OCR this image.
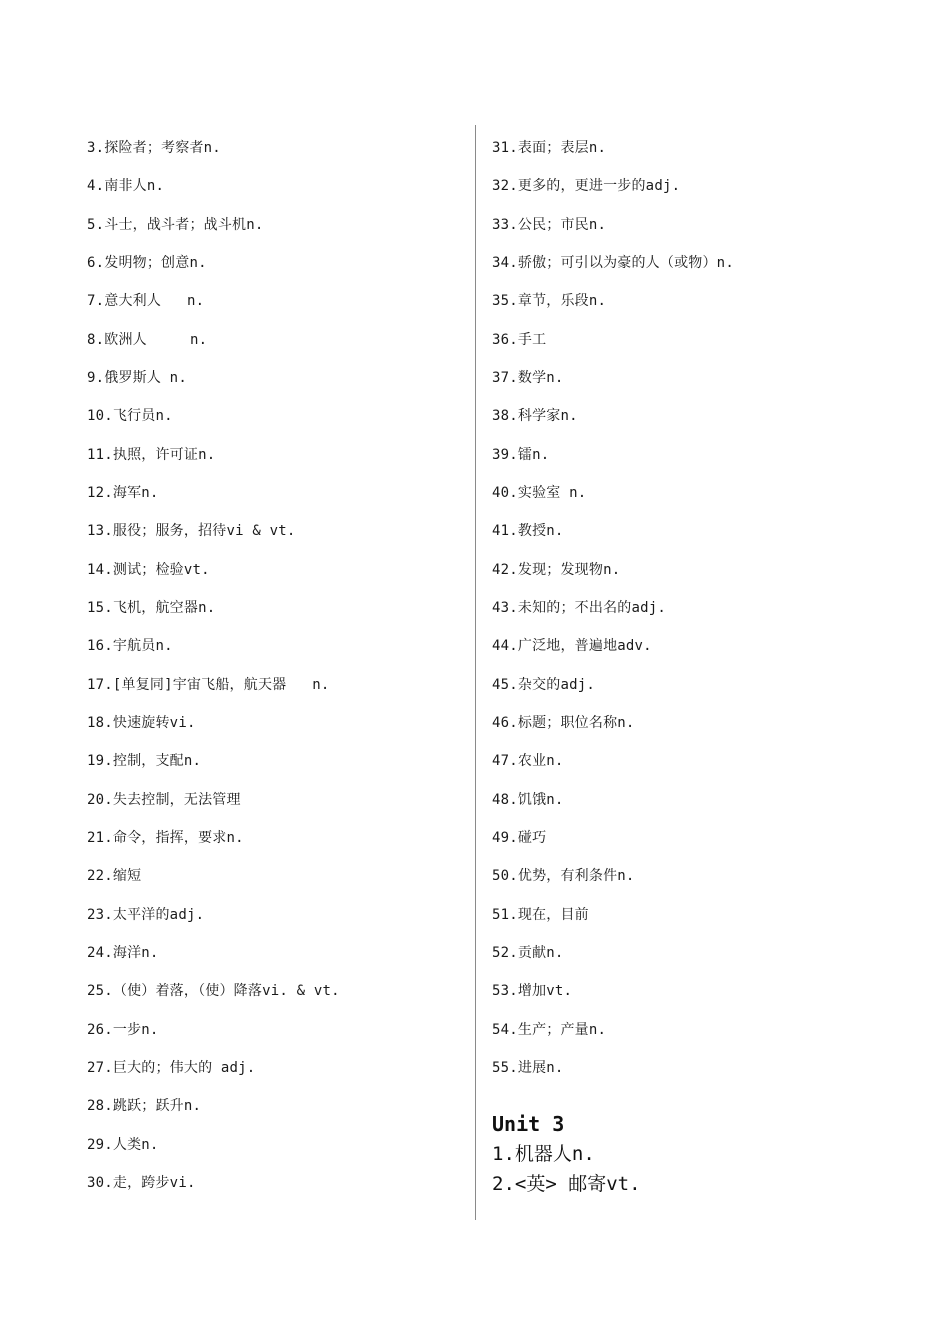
3.探险者；考察者n.
4.南非人n.
5.斗士，战斗者；战斗机n.
6.发明物；创意n.
7.意大利人   n.
8.欧洲人     n.
9.俄罗斯人 n.
10.飞行员n.
11.执照，许可证n.
12.海军n.
13.服役；服务，招待vi & vt.
14.测试；检验vt.
15.飞机，航空器n.
16.宇航员n.
17.[单复同]宇宙飞船，航天器   n.
18.快速旋转vi.
19.控制，支配n.
20.失去控制，无法管理
21.命令，指挥，要求n.
22.缩短
23.太平洋的adj.
24.海洋n.
25.（使）着落，（使）降落vi. & vt.
26.一步n.
27.巨大的；伟大的 adj.
28.跳跃；跃升n.
29.人类n.
30.走，跨步vi.
31.表面；表层n.
32.更多的，更进一步的adj.
33.公民；市民n.
34.骄傲；可引以为豪的人（或物）n.
35.章节，乐段n.
36.手工
37.数学n.
38.科学家n.
39.镭n.
40.实验室 n.
41.教授n.
42.发现；发现物n.
43.未知的；不出名的adj.
44.广泛地，普遍地adv.
45.杂交的adj.
46.标题；职位名称n.
47.农业n.
48.饥饿n.
49.碰巧
50.优势，有利条件n.
51.现在，目前
52.贡献n.
53.增加vt.
54.生产；产量n.
55.进展n.
Unit 3
1.机器人n.
2.<英> 邮寄vt.
